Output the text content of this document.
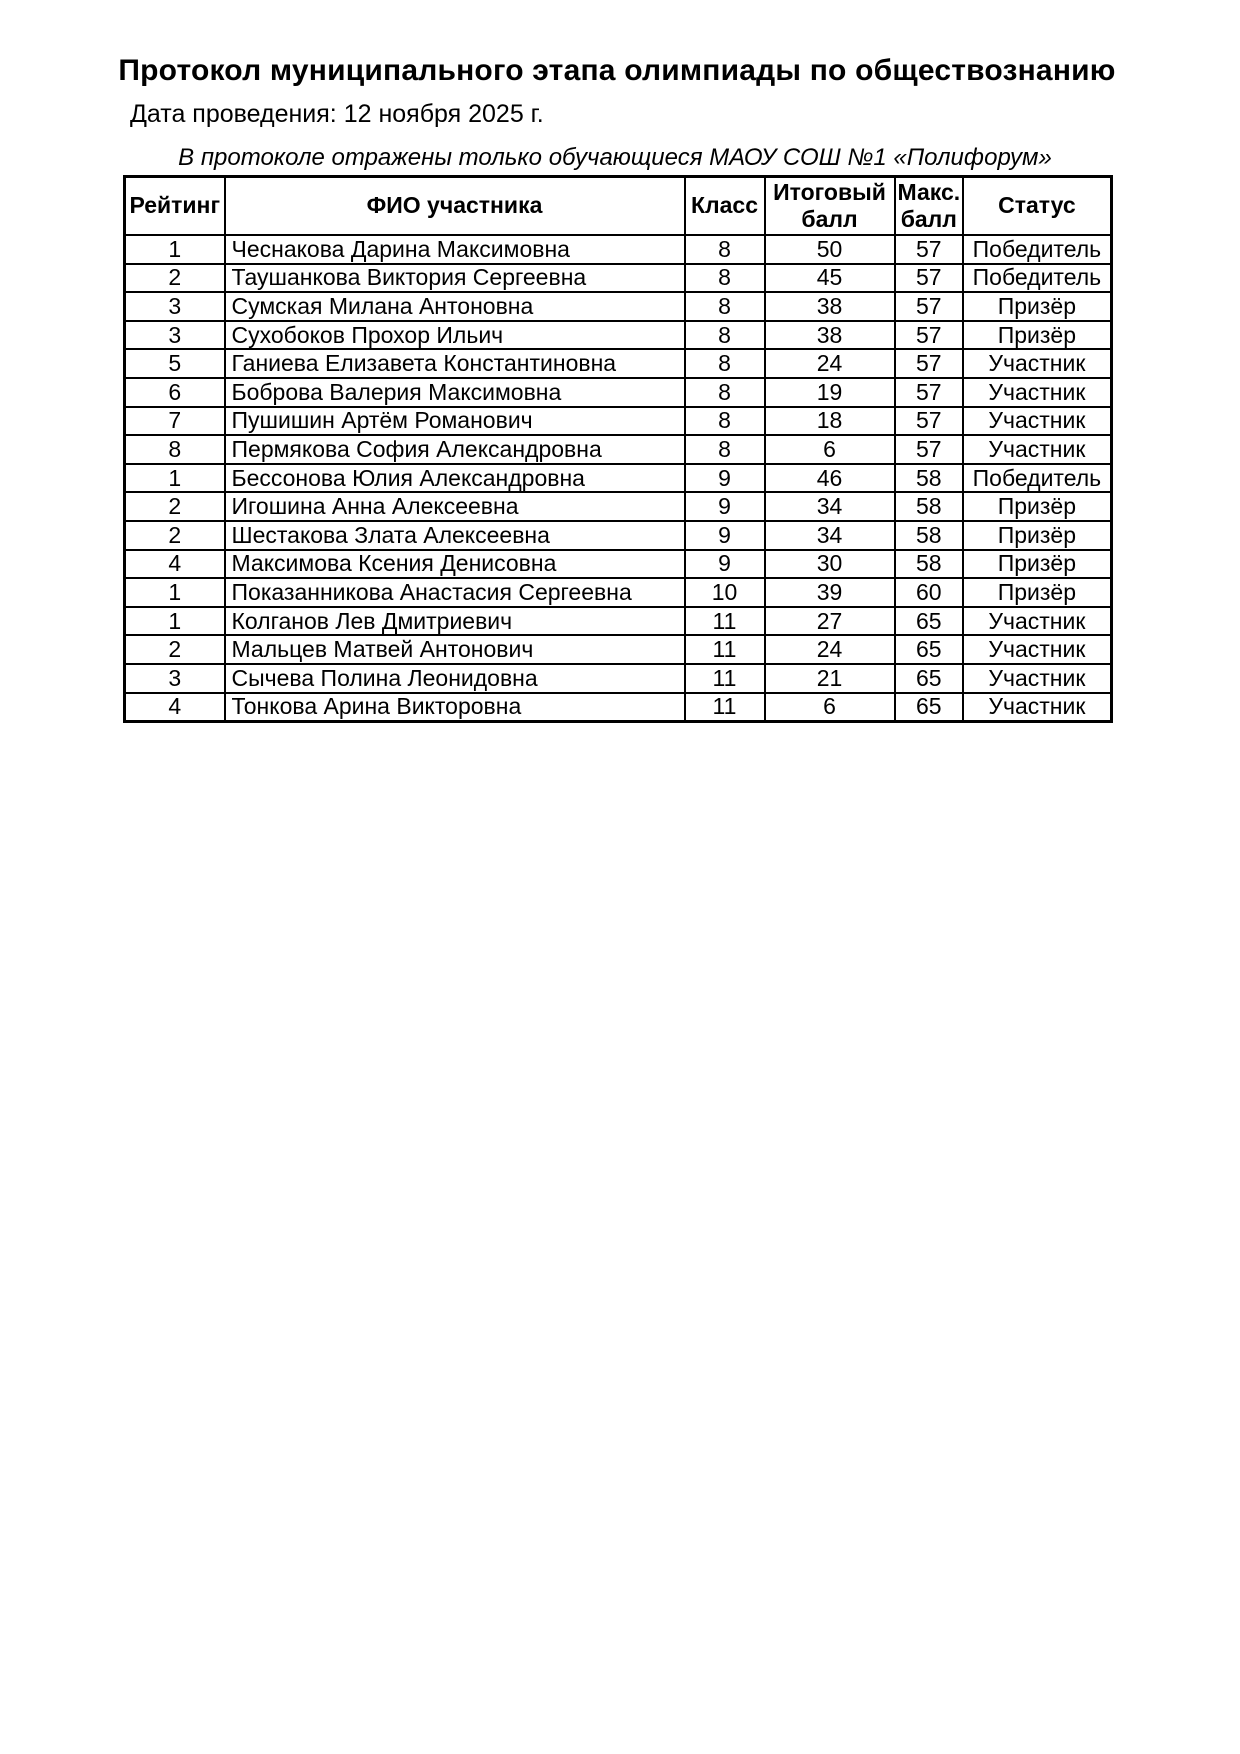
Протокол муниципального этапа олимпиады по обществознанию
Дата проведения: 12 ноября 2025 г.
В протоколе отражены только обучающиеся МАОУ СОШ №1 «Полифорум»
Рейтинг	ФИО участника	Класс	Итоговый балл	Макс. балл	Статус
1	Чеснакова Дарина Максимовна	8	50	57	Победитель
2	Таушанкова Виктория Сергеевна	8	45	57	Победитель
3	Сумская Милана Антоновна	8	38	57	Призёр
3	Сухобоков Прохор Ильич	8	38	57	Призёр
5	Ганиева Елизавета Константиновна	8	24	57	Участник
6	Боброва Валерия Максимовна	8	19	57	Участник
7	Пушишин Артём Романович	8	18	57	Участник
8	Пермякова София Александровна	8	6	57	Участник
1	Бессонова Юлия Александровна	9	46	58	Победитель
2	Игошина Анна Алексеевна	9	34	58	Призёр
2	Шестакова Злата Алексеевна	9	34	58	Призёр
4	Максимова Ксения Денисовна	9	30	58	Призёр
1	Показанникова Анастасия Сергеевна	10	39	60	Призёр
1	Колганов Лев Дмитриевич	11	27	65	Участник
2	Мальцев Матвей Антонович	11	24	65	Участник
3	Сычева Полина Леонидовна	11	21	65	Участник
4	Тонкова Арина Викторовна	11	6	65	Участник
